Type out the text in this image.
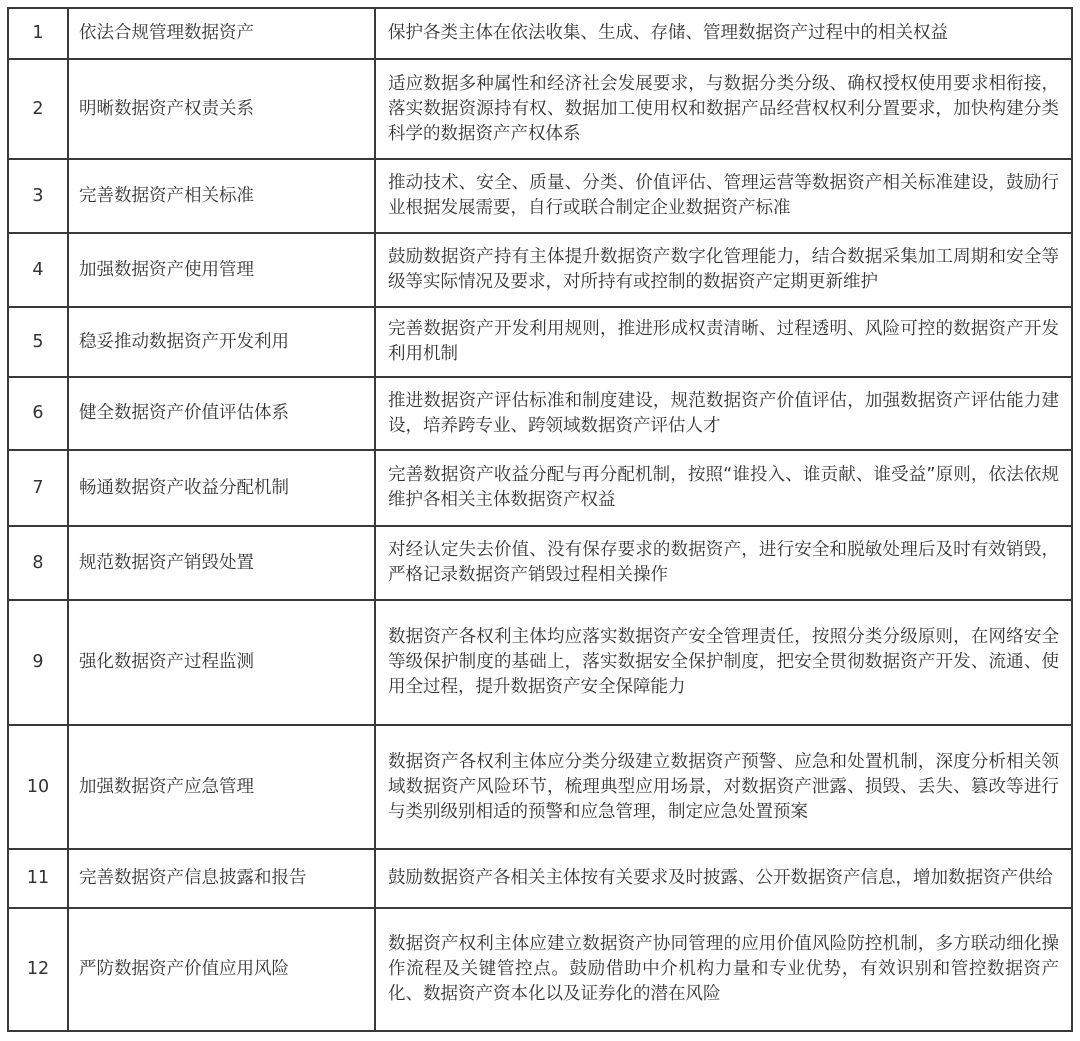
1	依法合规管理数据资产	保护各类主体在依法收集、生成、存储、管理数据资产过程中的相关权益
2	明晰数据资产权责关系	适应数据多种属性和经济社会发展要求，与数据分类分级、确权授权使用要求相衔接，落实数据资源持有权、数据加工使用权和数据产品经营权权利分置要求，加快构建分类科学的数据资产产权体系
3	完善数据资产相关标准	推动技术、安全、质量、分类、价值评估、管理运营等数据资产相关标准建设，鼓励行业根据发展需要，自行或联合制定企业数据资产标准
4	加强数据资产使用管理	鼓励数据资产持有主体提升数据资产数字化管理能力，结合数据采集加工周期和安全等级等实际情况及要求，对所持有或控制的数据资产定期更新维护
5	稳妥推动数据资产开发利用	完善数据资产开发利用规则，推进形成权责清晰、过程透明、风险可控的数据资产开发利用机制
6	健全数据资产价值评估体系	推进数据资产评估标准和制度建设，规范数据资产价值评估，加强数据资产评估能力建设，培养跨专业、跨领域数据资产评估人才
7	畅通数据资产收益分配机制	完善数据资产收益分配与再分配机制，按照“谁投入、谁贡献、谁受益”原则，依法依规维护各相关主体数据资产权益
8	规范数据资产销毁处置	对经认定失去价值、没有保存要求的数据资产，进行安全和脱敏处理后及时有效销毁，严格记录数据资产销毁过程相关操作
9	强化数据资产过程监测	数据资产各权利主体均应落实数据资产安全管理责任，按照分类分级原则，在网络安全等级保护制度的基础上，落实数据安全保护制度，把安全贯彻数据资产开发、流通、使用全过程，提升数据资产安全保障能力
10	加强数据资产应急管理	数据资产各权利主体应分类分级建立数据资产预警、应急和处置机制，深度分析相关领域数据资产风险环节，梳理典型应用场景，对数据资产泄露、损毁、丢失、篡改等进行与类别级别相适的预警和应急管理，制定应急处置预案
11	完善数据资产信息披露和报告	鼓励数据资产各相关主体按有关要求及时披露、公开数据资产信息，增加数据资产供给
12	严防数据资产价值应用风险	数据资产权利主体应建立数据资产协同管理的应用价值风险防控机制，多方联动细化操作流程及关键管控点。鼓励借助中介机构力量和专业优势，有效识别和管控数据资产化、数据资产资本化以及证券化的潜在风险
